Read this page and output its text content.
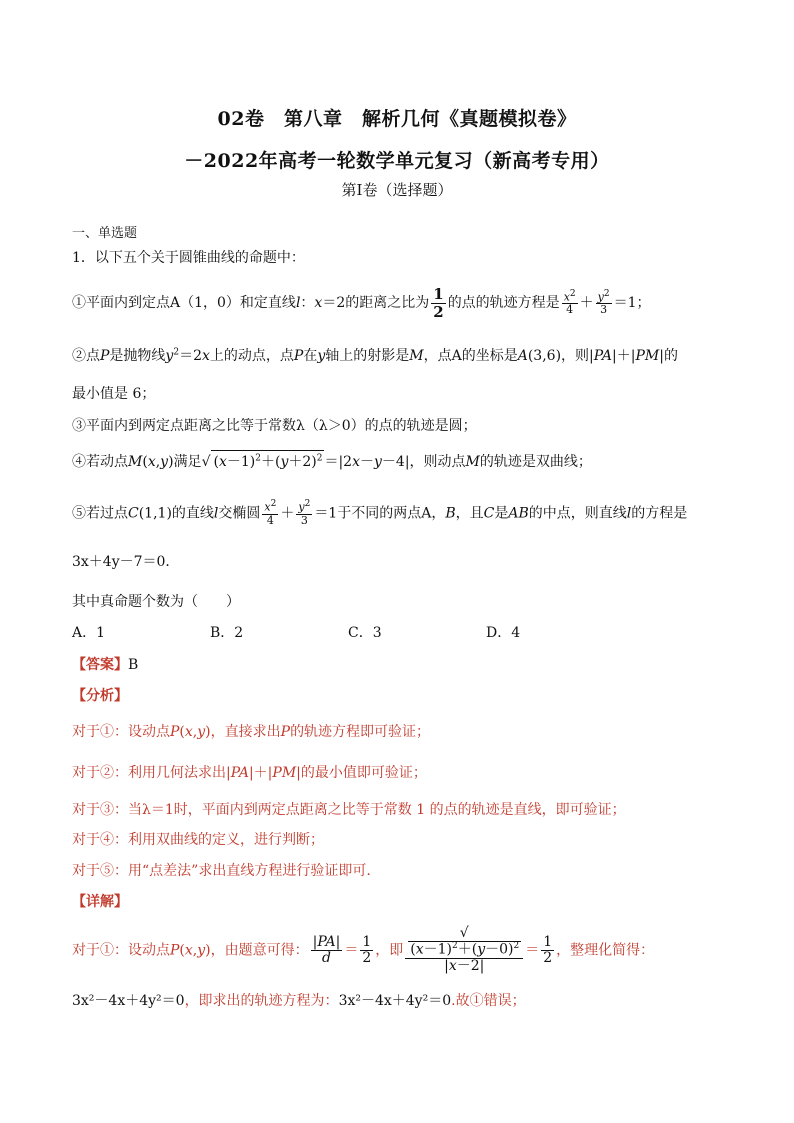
02卷　第八章　解析几何《真题模拟卷》
－2022年高考一轮数学单元复习（新高考专用）
第I卷（选择题）
一、单选题
1．以下五个关于圆锥曲线的命题中：
①平面内到定点A（1，0）和定直线l：x＝2的距离之比为 $\frac{1}{2}$ 的点的轨迹方程是 $\frac{x^2}{4} + \frac{y^2}{3} =1$；
②点P是抛物线$y^2=2x$上的动点，点P在y轴上的射影是M，点A的坐标是A(3,6)，则|PA|＋|PM|的
最小值是 6；
③平面内到两定点距离之比等于常数λ（λ＞0）的点的轨迹是圆；
④若动点M(x,y)满足√ $(x-1)^2+(y+2)^2 =|2x-y-4|$，则动点M的轨迹是双曲线；
⑤若过点C(1,1)的直线l交椭圆 $\frac{x^2}{4} + \frac{y^2}{3} =1$于不同的两点A，B，且C是AB的中点，则直线l的方程是
3x＋4y－7＝0．
其中真命题个数为（　　）
A．1	B．2	C．3	D．4
【答案】B
【分析】
对于①：设动点P(x,y)，直接求出P的轨迹方程即可验证；
对于②：利用几何法求出|PA|＋|PM|的最小值即可验证；
对于③：当λ＝1时，平面内到两定点距离之比等于常数 1 的点的轨迹是直线，即可验证；
对于④：利用双曲线的定义，进行判断；
对于⑤：用“点差法”求出直线方程进行验证即可.
【详解】
对于①：设动点P(x,y)，由题意可得： $\frac{|PA|}{d} = \frac{1}{2}$ ，即 √
$(x-1)^2+(y-0)^2$
$|x-2| = \frac{1}{2}$ ，整理化简得：
3x²－4x＋4y²＝0，即求出的轨迹方程为：3x²－4x＋4y²＝0.故①错误；
